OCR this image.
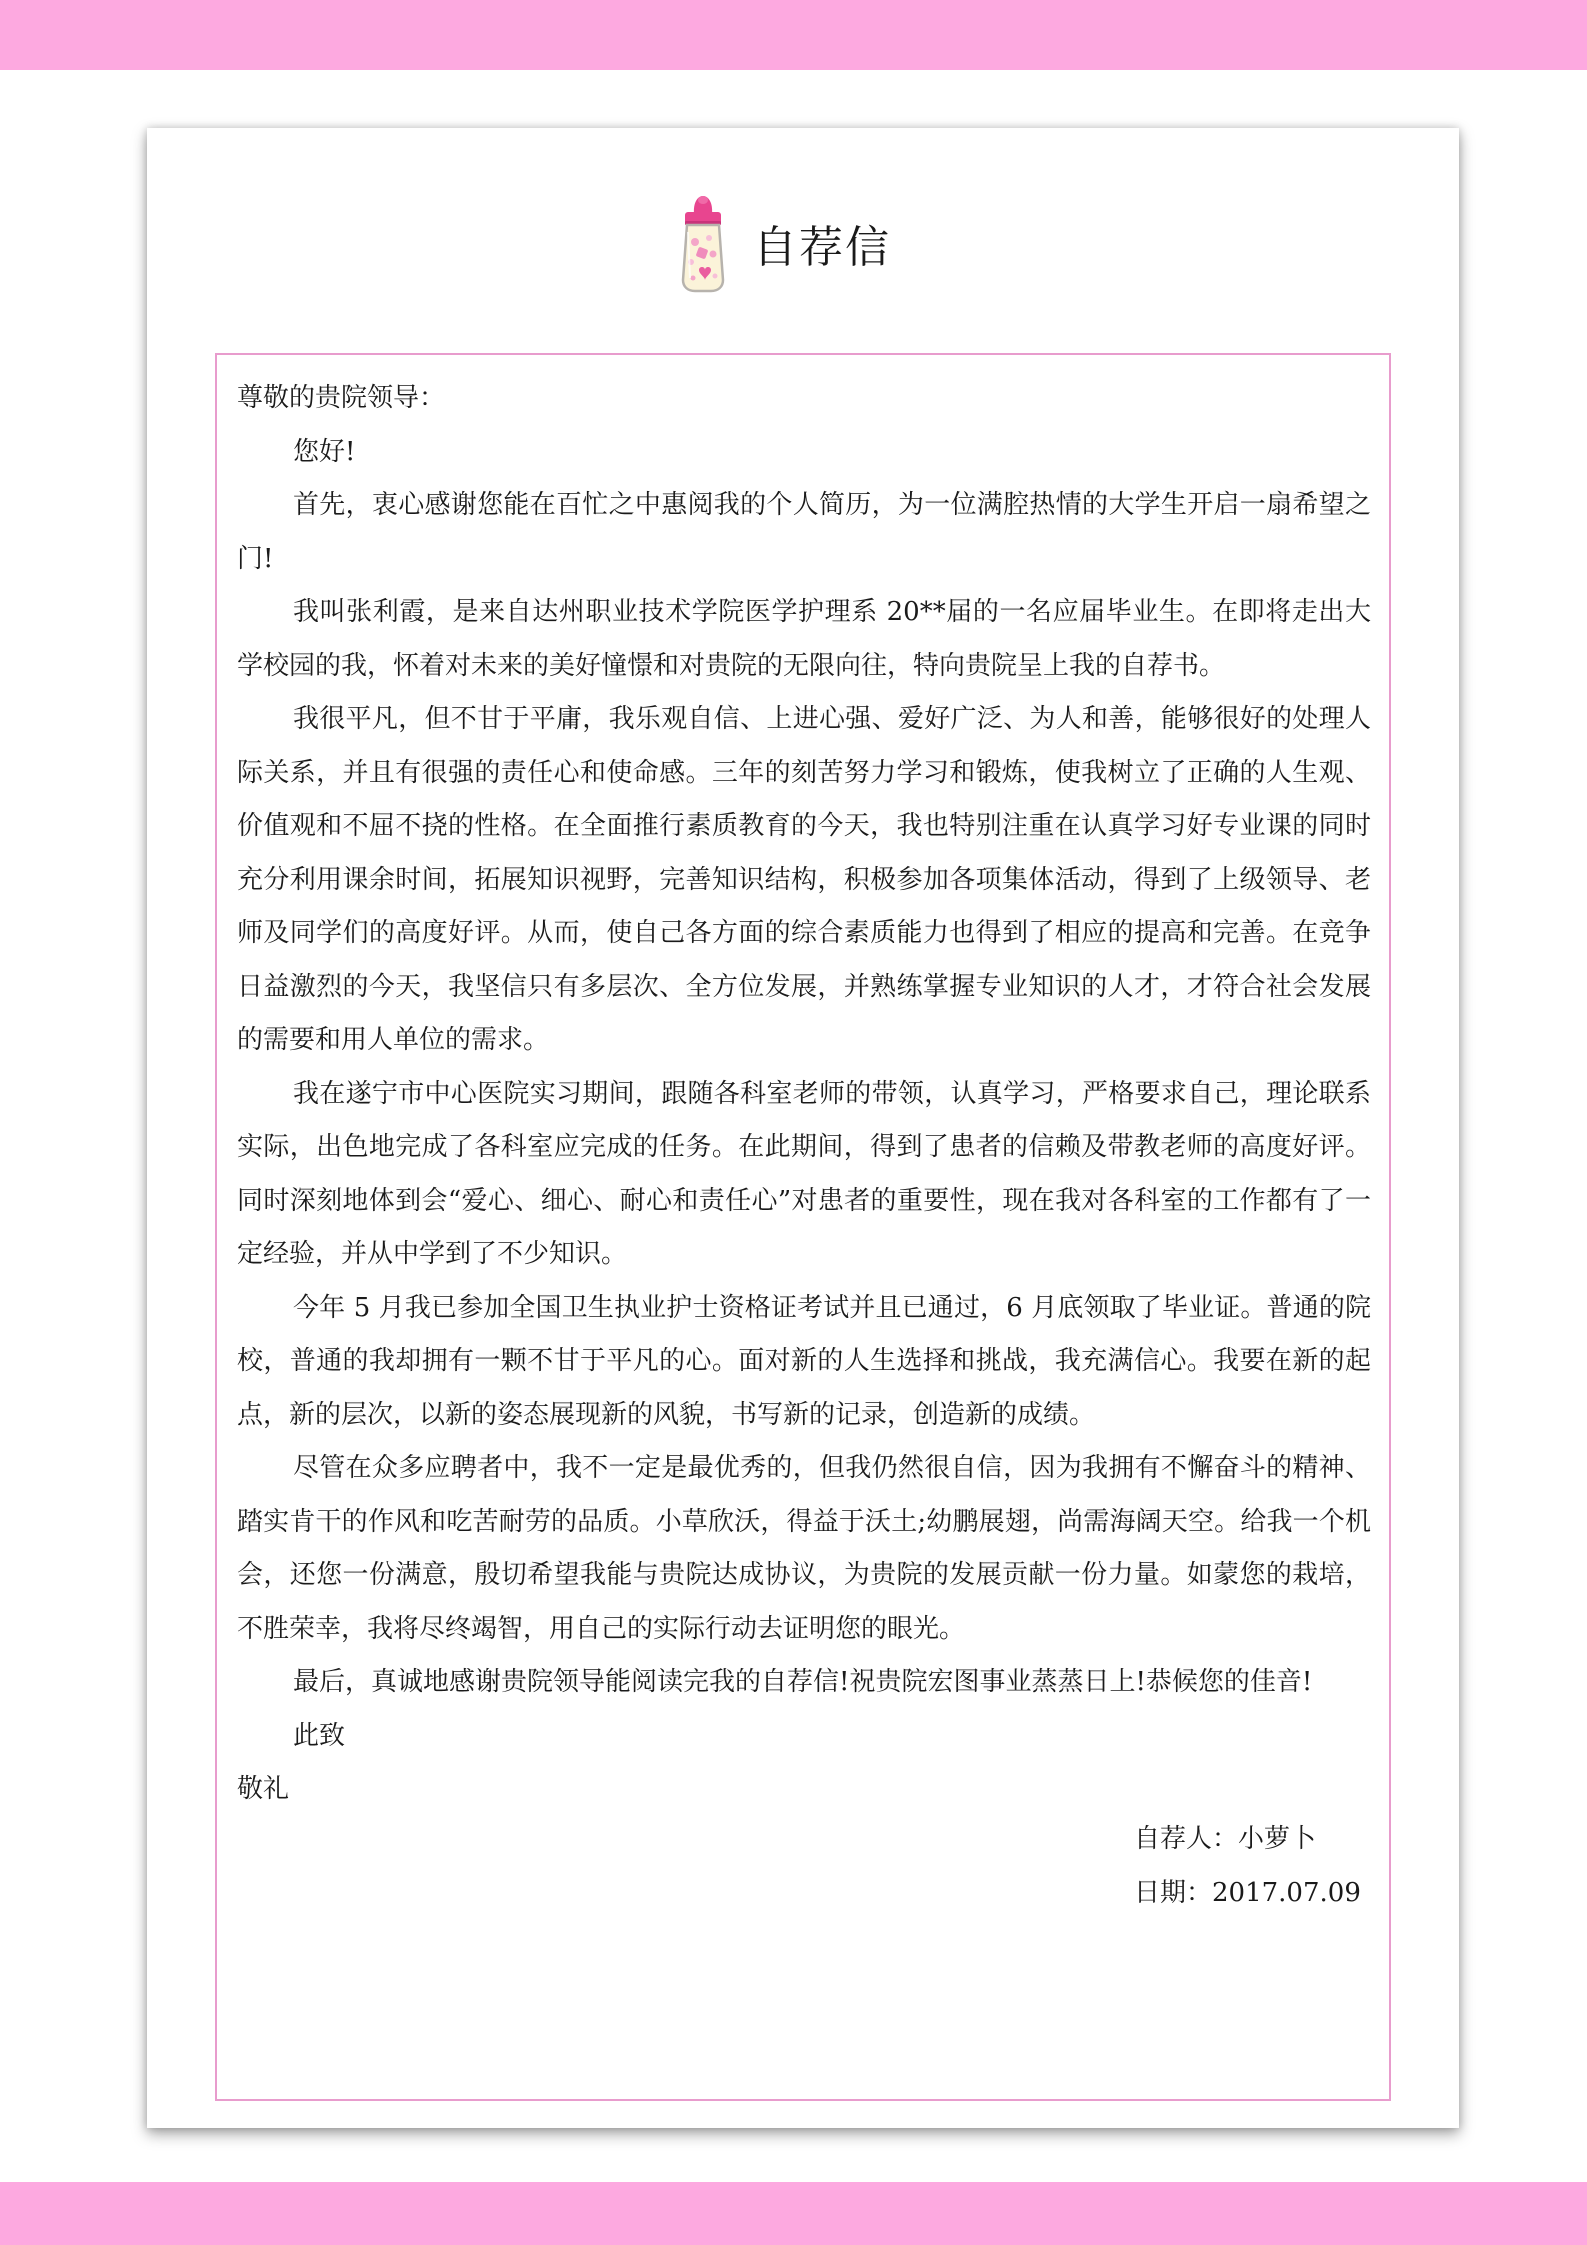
自荐信

尊敬的贵院领导：

您好!

首先，衷心感谢您能在百忙之中惠阅我的个人简历，为一位满腔热情的大学生开启一扇希望之门!

我叫张利霞，是来自达州职业技术学院医学护理系 20**届的一名应届毕业生。在即将走出大学校园的我，怀着对未来的美好憧憬和对贵院的无限向往，特向贵院呈上我的自荐书。

我很平凡，但不甘于平庸，我乐观自信、上进心强、爱好广泛、为人和善，能够很好的处理人际关系，并且有很强的责任心和使命感。三年的刻苦努力学习和锻炼，使我树立了正确的人生观、价值观和不屈不挠的性格。在全面推行素质教育的今天，我也特别注重在认真学习好专业课的同时充分利用课余时间，拓展知识视野，完善知识结构，积极参加各项集体活动，得到了上级领导、老师及同学们的高度好评。从而，使自己各方面的综合素质能力也得到了相应的提高和完善。在竞争日益激烈的今天，我坚信只有多层次、全方位发展，并熟练掌握专业知识的人才，才符合社会发展的需要和用人单位的需求。

我在遂宁市中心医院实习期间，跟随各科室老师的带领，认真学习，严格要求自己，理论联系实际，出色地完成了各科室应完成的任务。在此期间，得到了患者的信赖及带教老师的高度好评。同时深刻地体到会“爱心、细心、耐心和责任心”对患者的重要性，现在我对各科室的工作都有了一定经验，并从中学到了不少知识。

今年 5 月我已参加全国卫生执业护士资格证考试并且已通过，6 月底领取了毕业证。普通的院校，普通的我却拥有一颗不甘于平凡的心。面对新的人生选择和挑战，我充满信心。我要在新的起点，新的层次，以新的姿态展现新的风貌，书写新的记录，创造新的成绩。

尽管在众多应聘者中，我不一定是最优秀的，但我仍然很自信，因为我拥有不懈奋斗的精神、踏实肯干的作风和吃苦耐劳的品质。小草欣沃，得益于沃土;幼鹏展翅，尚需海阔天空。给我一个机会，还您一份满意，殷切希望我能与贵院达成协议，为贵院的发展贡献一份力量。如蒙您的栽培，不胜荣幸，我将尽终竭智，用自己的实际行动去证明您的眼光。

最后，真诚地感谢贵院领导能阅读完我的自荐信!祝贵院宏图事业蒸蒸日上!恭候您的佳音!

此致

敬礼

自荐人：小萝卜
日期：2017.07.09
